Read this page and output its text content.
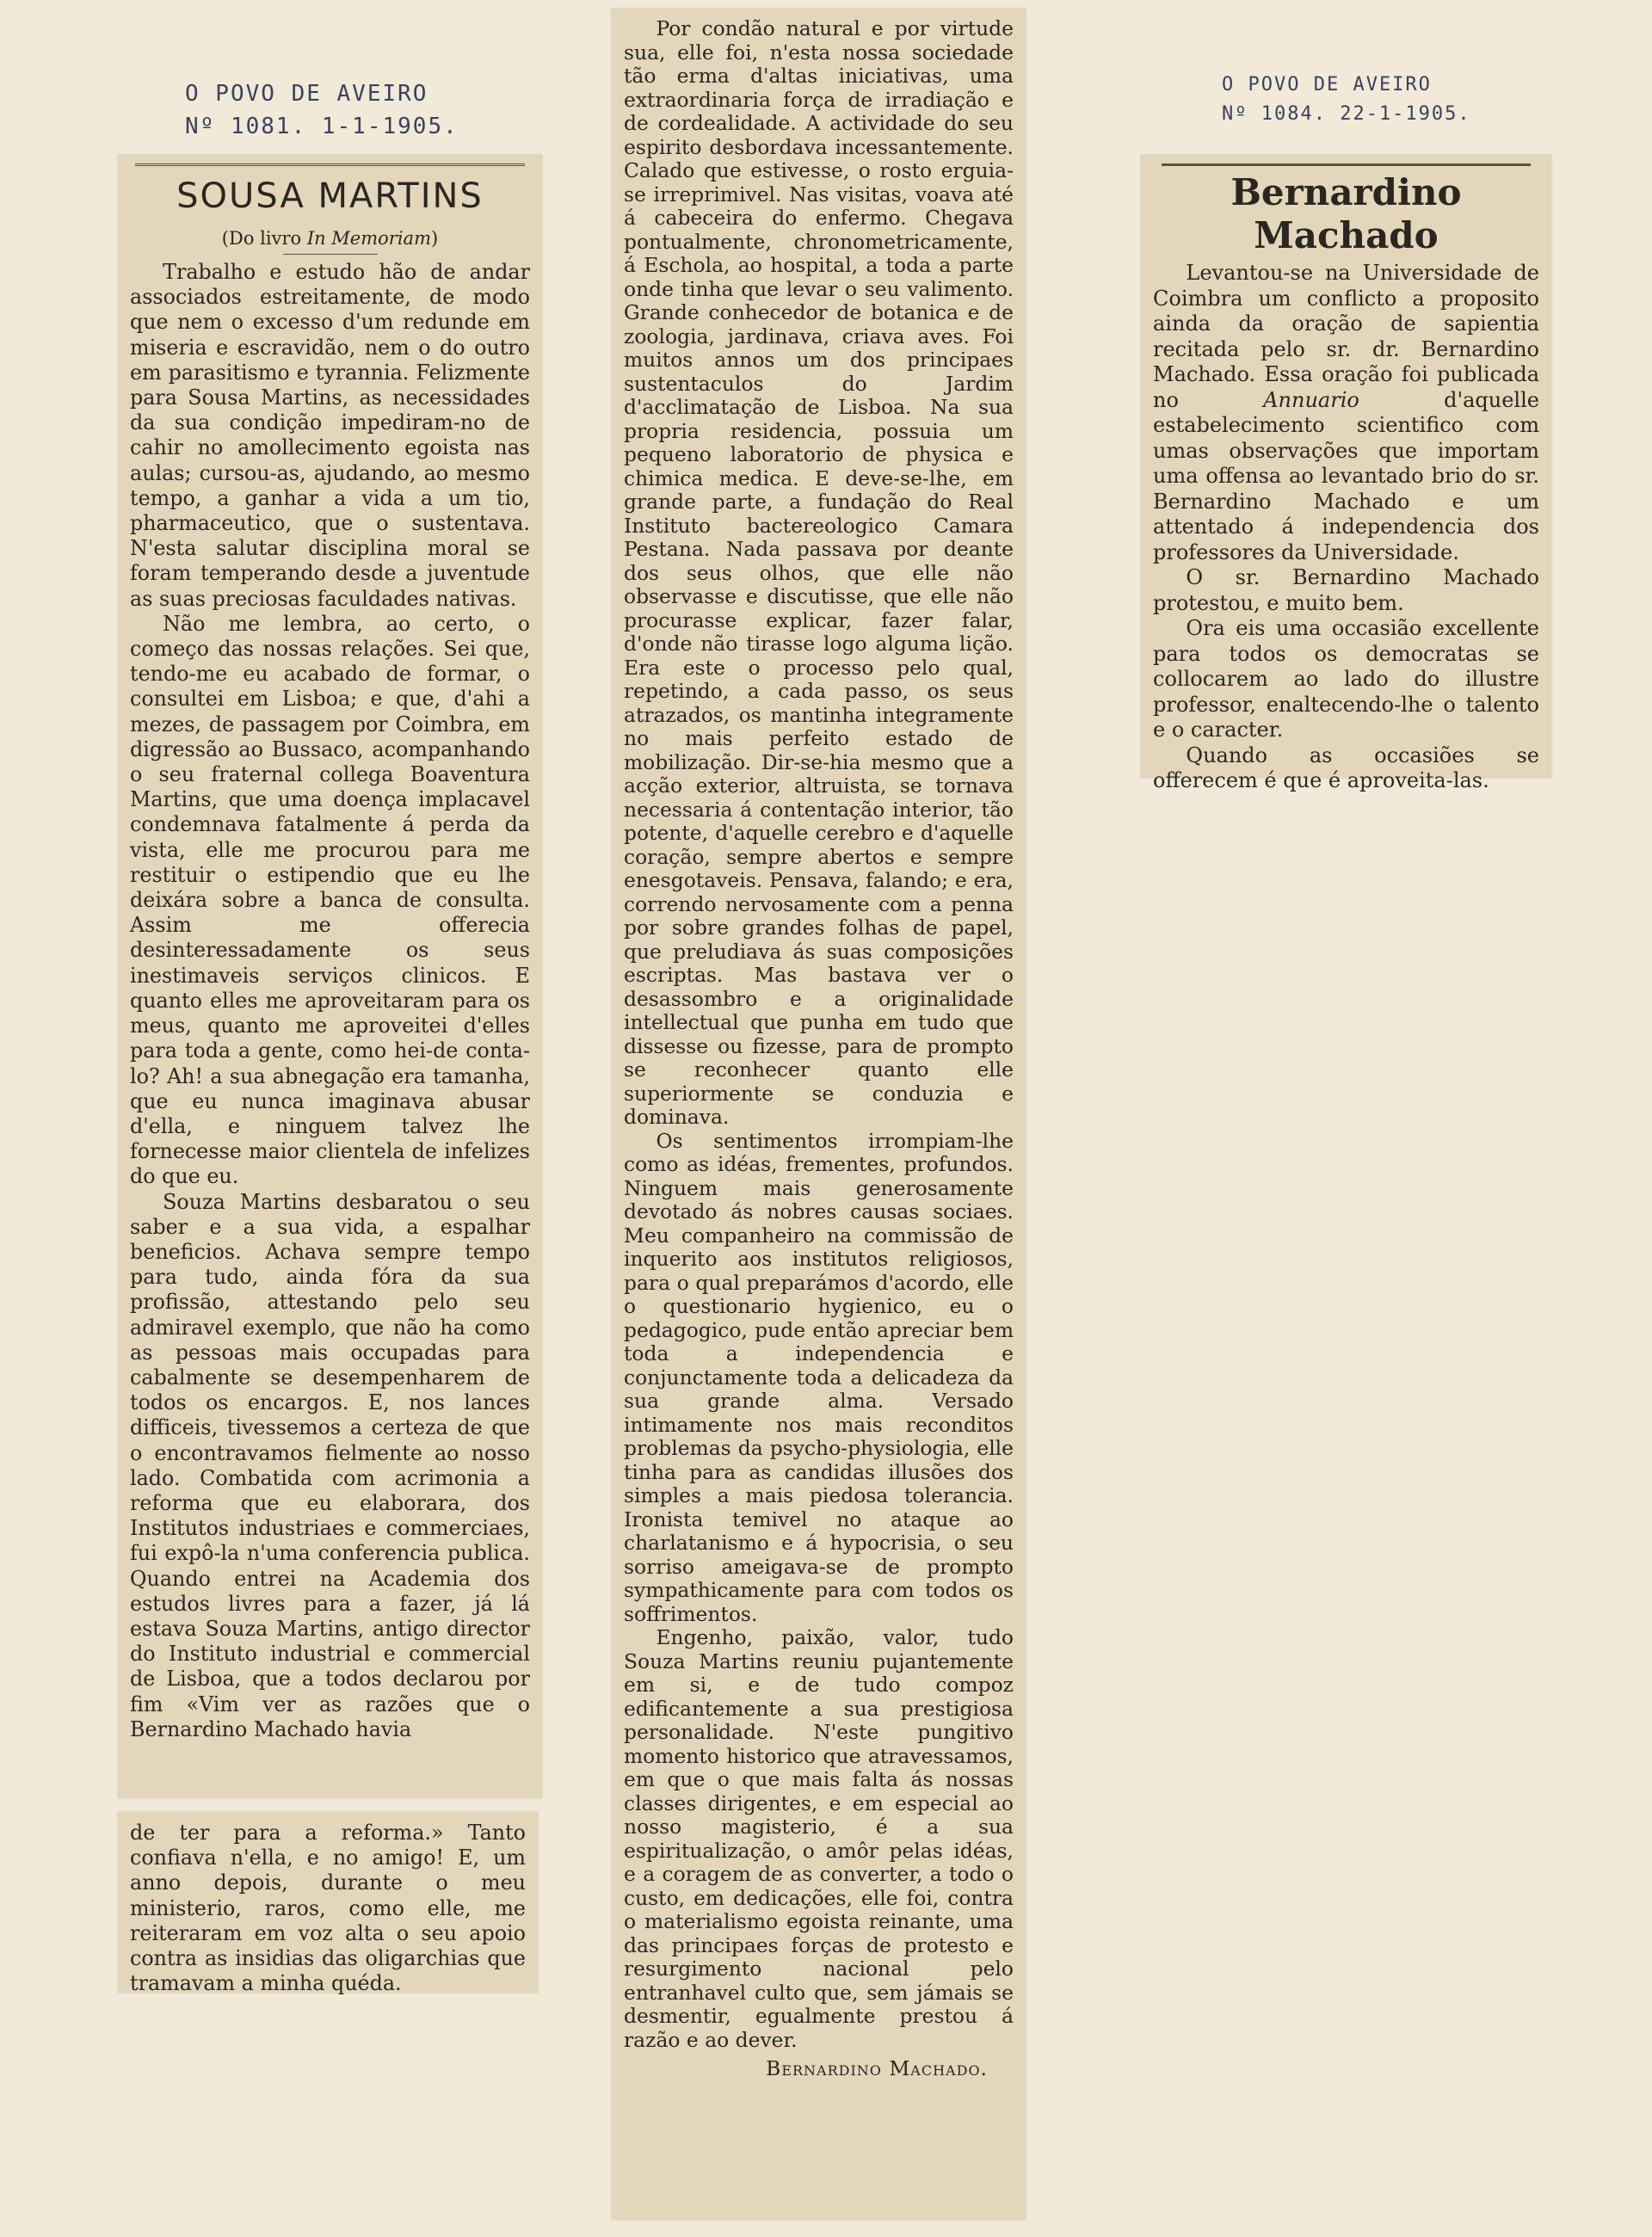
O POVO DE AVEIRO
Nº 1081. 1-1-1905.
O POVO DE AVEIRO
Nº 1084. 22-1-1905.
SOUSA MARTINS
(Do livro In Memoriam)

Trabalho e estudo hão de andar associados estreitamente, de modo que nem o excesso d'um redunde em miseria e escravidão, nem o do outro em parasitismo e tyrannia. Felizmente para Sousa Martins, as necessidades da sua condição impediram-no de cahir no amollecimento egoista nas aulas; cursou-as, ajudando, ao mesmo tempo, a ganhar a vida a um tio, pharmaceutico, que o sustentava. N'esta salutar disciplina moral se foram temperando desde a juventude as suas preciosas faculdades nativas.

Não me lembra, ao certo, o começo das nossas relações. Sei que, tendo-me eu acabado de formar, o consultei em Lisboa; e que, d'ahi a mezes, de passagem por Coimbra, em digressão ao Bussaco, acompanhando o seu fraternal collega Boaventura Martins, que uma doença implacavel condemnava fatalmente á perda da vista, elle me procurou para me restituir o estipendio que eu lhe deixára sobre a banca de consulta. Assim me offerecia desinteressadamente os seus inestimaveis serviços clinicos. E quanto elles me aproveitaram para os meus, quanto me aproveitei d'elles para toda a gente, como hei-de conta-lo? Ah! a sua abnegação era tamanha, que eu nunca imaginava abusar d'ella, e ninguem talvez lhe fornecesse maior clientela de infelizes do que eu.

Souza Martins desbaratou o seu saber e a sua vida, a espalhar beneficios. Achava sempre tempo para tudo, ainda fóra da sua profissão, attestando pelo seu admiravel exemplo, que não ha como as pessoas mais occupadas para cabalmente se desempenharem de todos os encargos. E, nos lances difficeis, tivessemos a certeza de que o encontravamos fielmente ao nosso lado. Combatida com acrimonia a reforma que eu elaborara, dos Institutos industriaes e commerciaes, fui expô-la n'uma conferencia publica. Quando entrei na Academia dos estudos livres para a fazer, já lá estava Souza Martins, antigo director do Instituto industrial e commercial de Lisboa, que a todos declarou por fim «Vim ver as razões que o Bernardino Machado havia

de ter para a reforma.» Tanto confiava n'ella, e no amigo! E, um anno depois, durante o meu ministerio, raros, como elle, me reiteraram em voz alta o seu apoio contra as insidias das oligarchias que tramavam a minha quéda.

Por condão natural e por virtude sua, elle foi, n'esta nossa sociedade tão erma d'altas iniciativas, uma extraordinaria força de irradiação e de cordealidade. A actividade do seu espirito desbordava incessantemente. Calado que estivesse, o rosto erguia-se irreprimivel. Nas visitas, voava até á cabeceira do enfermo. Chegava pontualmente, chronometricamente, á Eschola, ao hospital, a toda a parte onde tinha que levar o seu valimento. Grande conhecedor de botanica e de zoologia, jardinava, criava aves. Foi muitos annos um dos principaes sustentaculos do Jardim d'acclimatação de Lisboa. Na sua propria residencia, possuia um pequeno laboratorio de physica e chimica medica. E deve-se-lhe, em grande parte, a fundação do Real Instituto bactereologico Camara Pestana. Nada passava por deante dos seus olhos, que elle não observasse e discutisse, que elle não procurasse explicar, fazer falar, d'onde não tirasse logo alguma lição. Era este o processo pelo qual, repetindo, a cada passo, os seus atrazados, os mantinha integramente no mais perfeito estado de mobilização. Dir-se-hia mesmo que a acção exterior, altruista, se tornava necessaria á contentação interior, tão potente, d'aquelle cerebro e d'aquelle coração, sempre abertos e sempre enesgotaveis. Pensava, falando; e era, correndo nervosamente com a penna por sobre grandes folhas de papel, que preludiava ás suas composições escriptas. Mas bastava ver o desassombro e a originalidade intellectual que punha em tudo que dissesse ou fizesse, para de prompto se reconhecer quanto elle superiormente se conduzia e dominava.

Os sentimentos irrompiam-lhe como as idéas, frementes, profundos. Ninguem mais generosamente devotado ás nobres causas sociaes. Meu companheiro na commissão de inquerito aos institutos religiosos, para o qual preparámos d'acordo, elle o questionario hygienico, eu o pedagogico, pude então apreciar bem toda a independencia e conjunctamente toda a delicadeza da sua grande alma. Versado intimamente nos mais reconditos problemas da psycho-physiologia, elle tinha para as candidas illusões dos simples a mais piedosa tolerancia. Ironista temivel no ataque ao charlatanismo e á hypocrisia, o seu sorriso ameigava-se de prompto sympathicamente para com todos os soffrimentos.

Engenho, paixão, valor, tudo Souza Martins reuniu pujantemente em si, e de tudo compoz edificantemente a sua prestigiosa personalidade. N'este pungitivo momento historico que atravessamos, em que o que mais falta ás nossas classes dirigentes, e em especial ao nosso magisterio, é a sua espiritualização, o amôr pelas idéas, e a coragem de as converter, a todo o custo, em dedicações, elle foi, contra o materialismo egoista reinante, uma das principaes forças de protesto e resurgimento nacional pelo entranhavel culto que, sem jámais se desmentir, egualmente prestou á razão e ao dever.

Bernardino Machado.
Bernardino Machado

Levantou-se na Universidade de Coimbra um conflicto a proposito ainda da oração de sapientia recitada pelo sr. dr. Bernardino Machado. Essa oração foi publicada no Annuario d'aquelle estabelecimento scientifico com umas observações que importam uma offensa ao levantado brio do sr. Bernardino Machado e um attentado á independencia dos professores da Universidade.

O sr. Bernardino Machado protestou, e muito bem.

Ora eis uma occasião excellente para todos os democratas se collocarem ao lado do illustre professor, enaltecendo-lhe o talento e o caracter.

Quando as occasiões se offerecem é que é aproveita-las.
